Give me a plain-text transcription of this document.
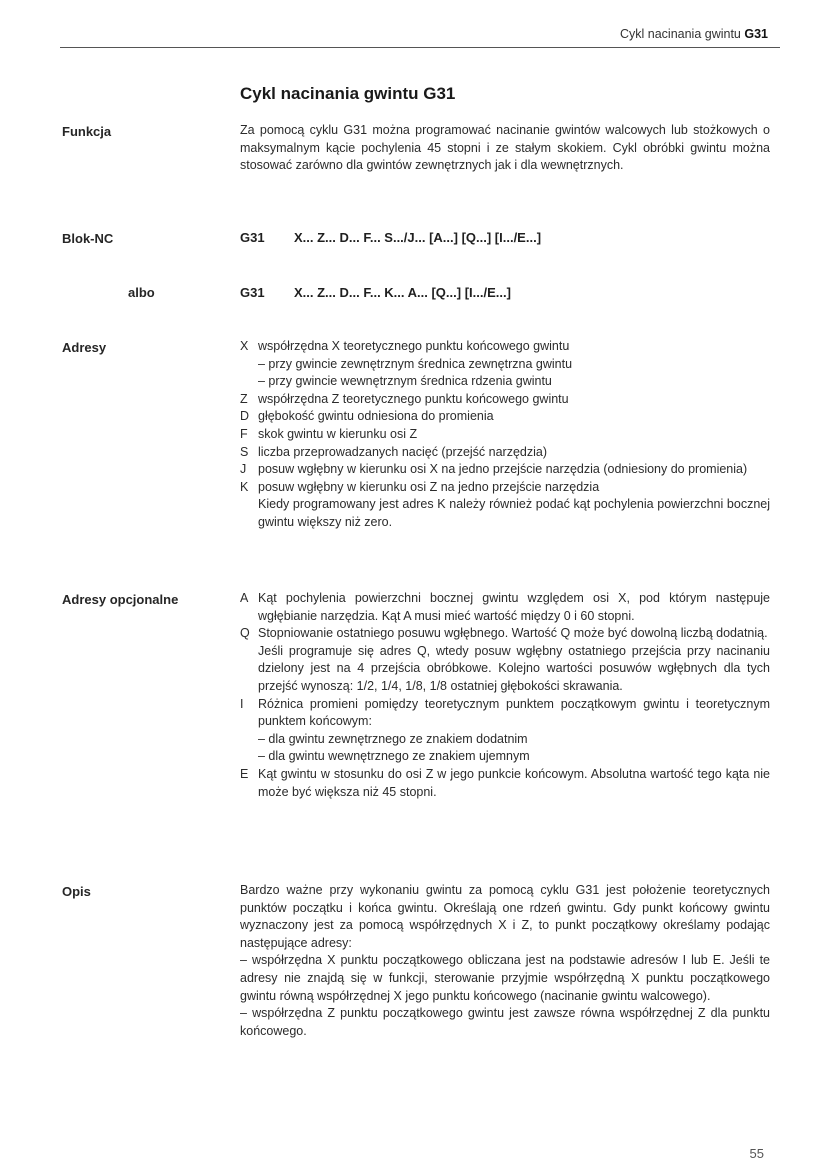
Cykl nacinania gwintu G31
Cykl nacinania gwintu G31
Funkcja	Za pomocą cyklu G31 można programować nacinanie gwintów walcowych lub stożkowych o maksymalnym kącie pochylenia 45 stopni i ze stałym skokiem. Cykl obróbki gwintu można stosować zarówno dla gwintów zewnętrznych jak i dla wewnętrznych.
Blok-NC	G31 X... Z... D... F... S.../J... [A...] [Q...] [I.../E...]
albo	G31 X... Z... D... F... K... A... [Q...] [I.../E...]
Adresy	X współrzędna X teoretycznego punktu końcowego gwintu
– przy gwincie zewnętrznym średnica zewnętrzna gwintu
– przy gwincie wewnętrznym średnica rdzenia gwintu
Z współrzędna Z teoretycznego punktu końcowego gwintu
D głębokość gwintu odniesiona do promienia
F skok gwintu w kierunku osi Z
S liczba przeprowadzanych nacięć (przejść narzędzia)
J posuw wgłębny w kierunku osi X na jedno przejście narzędzia (odniesiony do promienia)
K posuw wgłębny w kierunku osi Z na jedno przejście narzędzia
Kiedy programowany jest adres K należy również podać kąt pochylenia powierzchni bocznej gwintu większy niż zero.
Adresy opcjonalne	A Kąt pochylenia powierzchni bocznej gwintu względem osi X, pod którym następuje wgłębianie narzędzia. Kąt A musi mieć wartość między 0 i 60 stopni.
Q Stopniowanie ostatniego posuwu wgłębnego. Wartość Q może być dowolną liczbą dodatnią.
Jeśli programuje się adres Q, wtedy posuw wgłębny ostatniego przejścia przy nacinaniu dzielony jest na 4 przejścia obróbkowe. Kolejno wartości posuwów wgłębnych dla tych przejść wynoszą: 1/2, 1/4, 1/8, 1/8 ostatniej głębokości skrawania.
I	Różnica promieni pomiędzy teoretycznym punktem początkowym gwintu i teoretycznym punktem końcowym:
– dla gwintu zewnętrznego ze znakiem dodatnim
– dla gwintu wewnętrznego ze znakiem ujemnym
E Kąt gwintu w stosunku do osi Z w jego punkcie końcowym. Absolutna wartość tego kąta nie może być większa niż 45 stopni.
Opis	Bardzo ważne przy wykonaniu gwintu za pomocą cyklu G31 jest położenie teoretycznych punktów początku i końca gwintu. Określają one rdzeń gwintu. Gdy punkt końcowy gwintu wyznaczony jest za pomocą współrzędnych X i Z, to punkt początkowy określamy podając następujące adresy:
– współrzędna X punktu początkowego obliczana jest na podstawie adresów I lub E. Jeśli te adresy nie znajdą się w funkcji, sterowanie przyjmie współrzędną X punktu początkowego gwintu równą współrzędnej X jego punktu końcowego (nacinanie gwintu walcowego).
– współrzędna Z punktu początkowego gwintu jest zawsze równa współrzędnej Z dla punktu końcowego.
55
